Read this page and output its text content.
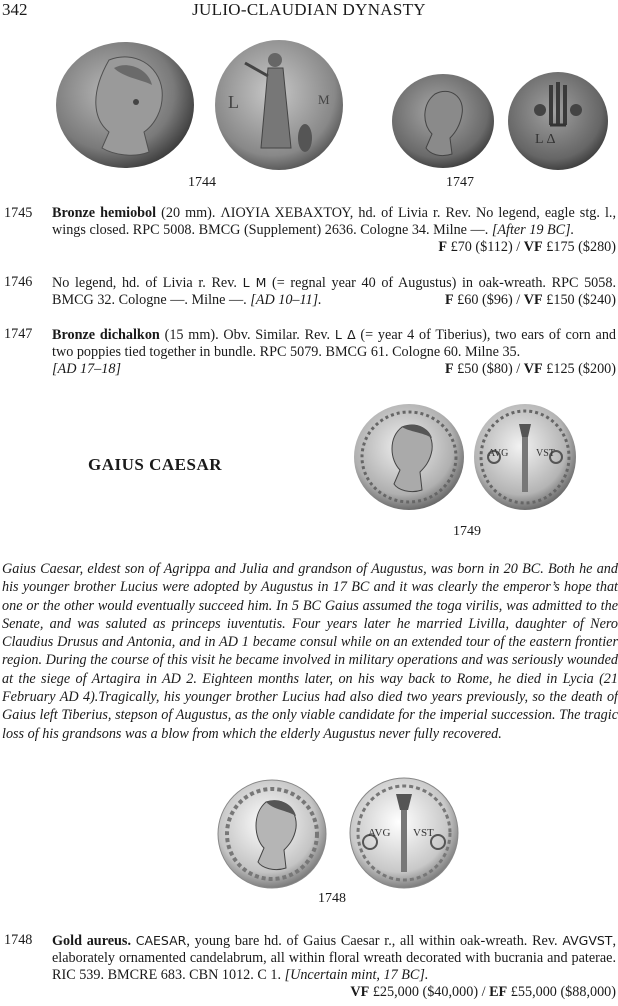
342	JULIO-CLAUDIAN DYNASTY
L	M
1744
L Δ
1747
1745	Bronze hemiobol (20 mm). ΛΙΟΥΙΑ ΧΕΒΑΧΤΟΥ, hd. of Livia r. Rev. No legend, eagle stg. l., wings closed. RPC 5008. BMCG (Supplement) 2636. Cologne 34. Milne —. [After 19 BC].
F £70 ($112) / VF £175 ($280)
1746	No legend, hd. of Livia r. Rev. L M (= regnal year 40 of Augustus) in oak-wreath. RPC 5058. BMCG 32. Cologne —. Milne —. [AD 10–11].	F £60 ($96) / VF £150 ($240)
1747	Bronze dichalkon (15 mm). Obv. Similar. Rev. L Δ (= year 4 of Tiberius), two ears of corn and two poppies tied together in bundle. RPC 5079. BMCG 61. Cologne 60. Milne 35.
[AD 17–18]	F £50 ($80) / VF £125 ($200)
GAIUS CAESAR
AVG	VST
1749
Gaius Caesar, eldest son of Agrippa and Julia and grandson of Augustus, was born in 20 BC. Both he and his younger brother Lucius were adopted by Augustus in 17 BC and it was clearly the emperor’s hope that one or the other would eventually succeed him. In 5 BC Gaius assumed the toga virilis, was admitted to the Senate, and was saluted as princeps iuventutis. Four years later he married Livilla, daughter of Nero Claudius Drusus and Antonia, and in AD 1 became consul while on an extended tour of the eastern frontier region. During the course of this visit he became involved in military operations and was seriously wounded at the siege of Artagira in AD 2. Eighteen months later, on his way back to Rome, he died in Lycia (21 February AD 4).Tragically, his younger brother Lucius had also died two years previously, so the death of Gaius left Tiberius, stepson of Augustus, as the only viable candidate for the imperial succession. The tragic loss of his grandsons was a blow from which the elderly Augustus never fully recovered.
AVG VST
1748
1748	Gold aureus. CAESAR, young bare hd. of Gaius Caesar r., all within oak-wreath. Rev. AVGVST, elaborately ornamented candelabrum, all within floral wreath decorated with bucrania and paterae. RIC 539. BMCRE 683. CBN 1012. C 1. [Uncertain mint, 17 BC].
VF £25,000 ($40,000) / EF £55,000 ($88,000)
